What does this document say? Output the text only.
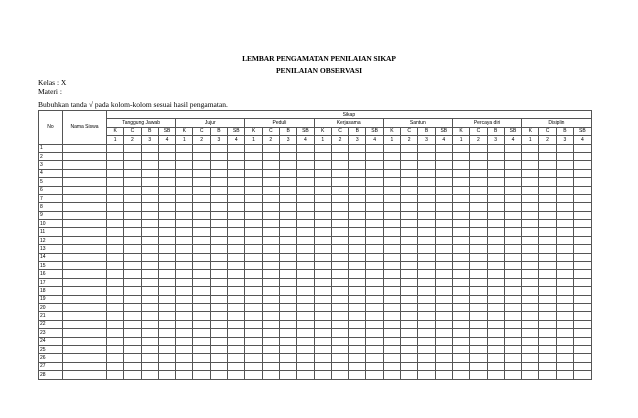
LEMBAR PENGAMATAN PENILAIAN SIKAP
PENILAIAN OBSERVASI
Kelas : X
Materi :
Bubuhkan tanda √ pada kolom-kolom sesuai hasil pengamatan.
No	Nama Siswa	Sikap																											
		Tanggung Jawab				Jujur				Peduli				Kerjasama				Santun				Percaya diri				Disiplin			
		K	C	B	SB	K	C	B	SB	K	C	B	SB	K	C	B	SB	K	C	B	SB	K	C	B	SB	K	C	B	SB
		1	2	3	4	1	2	3	4	1	2	3	4	1	2	3	4	1	2	3	4	1	2	3	4	1	2	3	4
1																													
2																													
3																													
4																													
5																													
6																													
7																													
8																													
9																													
10																													
11																													
12																													
13																													
14																													
15																													
16																													
17																													
18																													
19																													
20																													
21																													
22																													
23																													
24																													
25																													
26																													
27																													
28																													
